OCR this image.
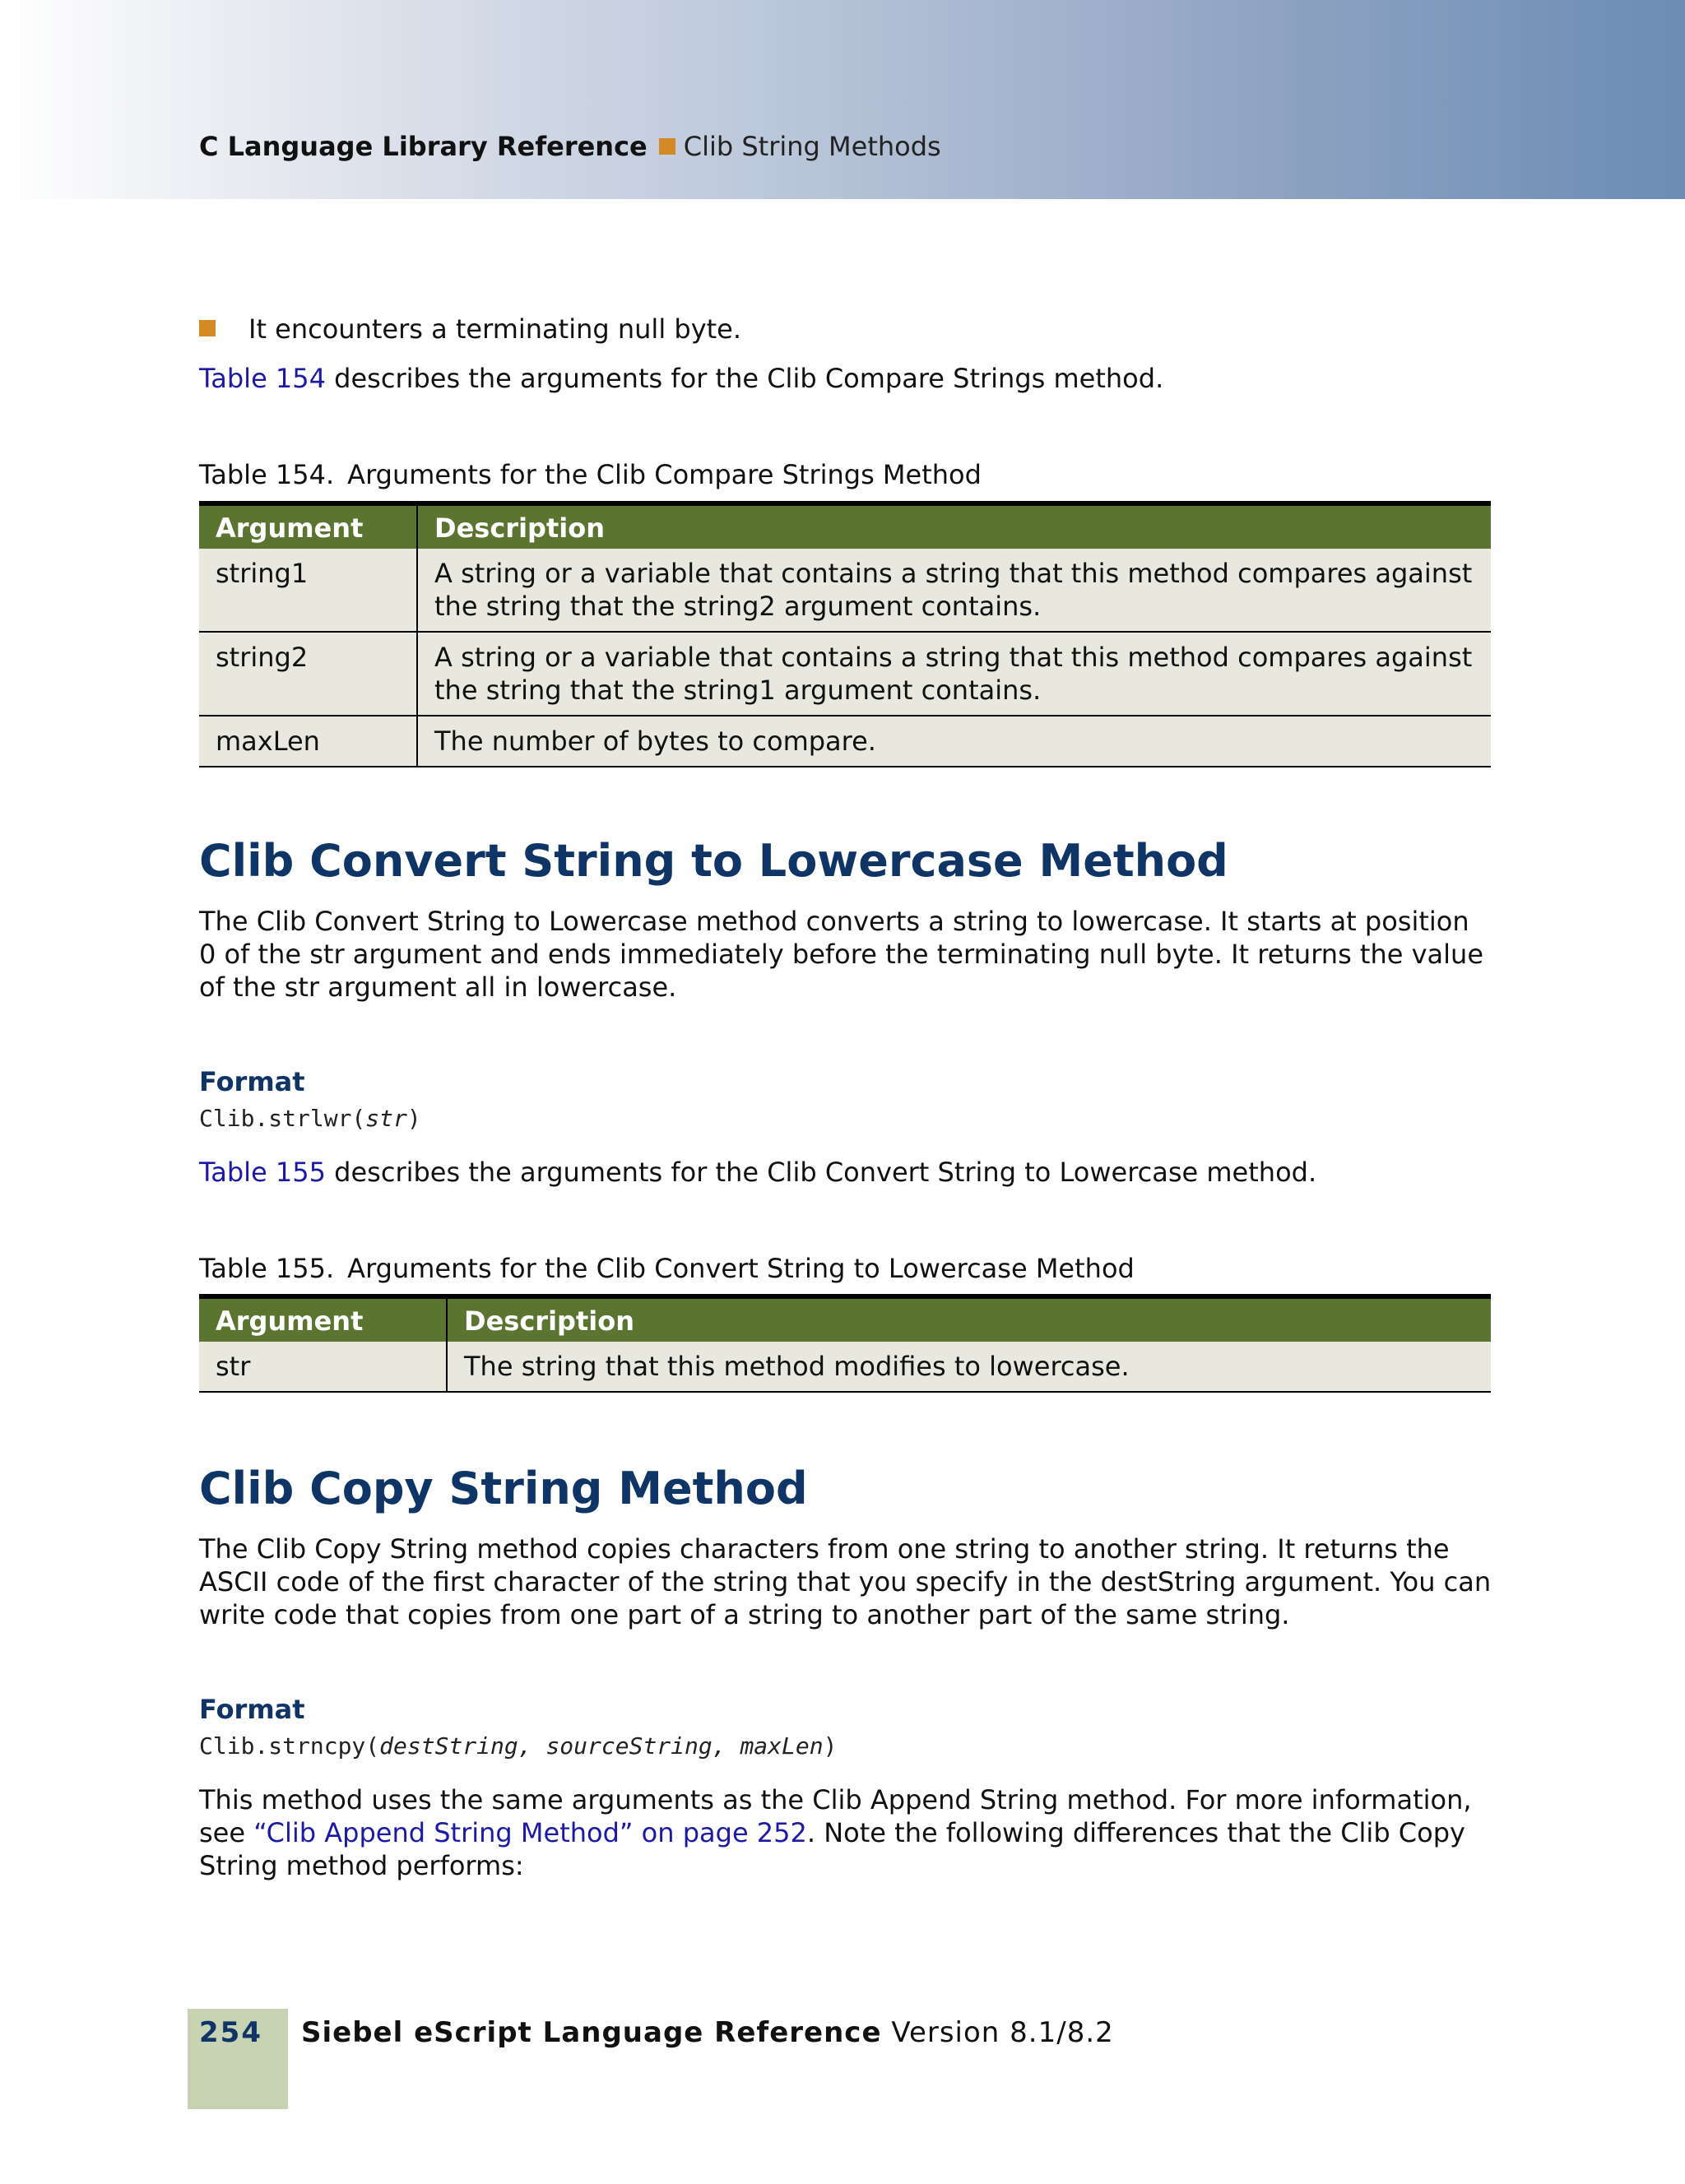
C Language Library Reference Clib String Methods
It encounters a terminating null byte.
Table 154 describes the arguments for the Clib Compare Strings method.
Table 154. Arguments for the Clib Compare Strings Method
Argument	Description
string1	A string or a variable that contains a string that this method compares against the string that the string2 argument contains.
string2	A string or a variable that contains a string that this method compares against the string that the string1 argument contains.
maxLen	The number of bytes to compare.
Clib Convert String to Lowercase Method
The Clib Convert String to Lowercase method converts a string to lowercase. It starts at position 0 of the str argument and ends immediately before the terminating null byte. It returns the value of the str argument all in lowercase.
Format
Clib.strlwr(str)
Table 155 describes the arguments for the Clib Convert String to Lowercase method.
Table 155. Arguments for the Clib Convert String to Lowercase Method
Argument	Description
str	The string that this method modifies to lowercase.
Clib Copy String Method
The Clib Copy String method copies characters from one string to another string. It returns the ASCII code of the first character of the string that you specify in the destString argument. You can write code that copies from one part of a string to another part of the same string.
Format
Clib.strncpy(destString, sourceString, maxLen)
This method uses the same arguments as the Clib Append String method. For more information, see “Clib Append String Method” on page 252. Note the following differences that the Clib Copy String method performs:
254 Siebel eScript Language Reference Version 8.1/8.2
